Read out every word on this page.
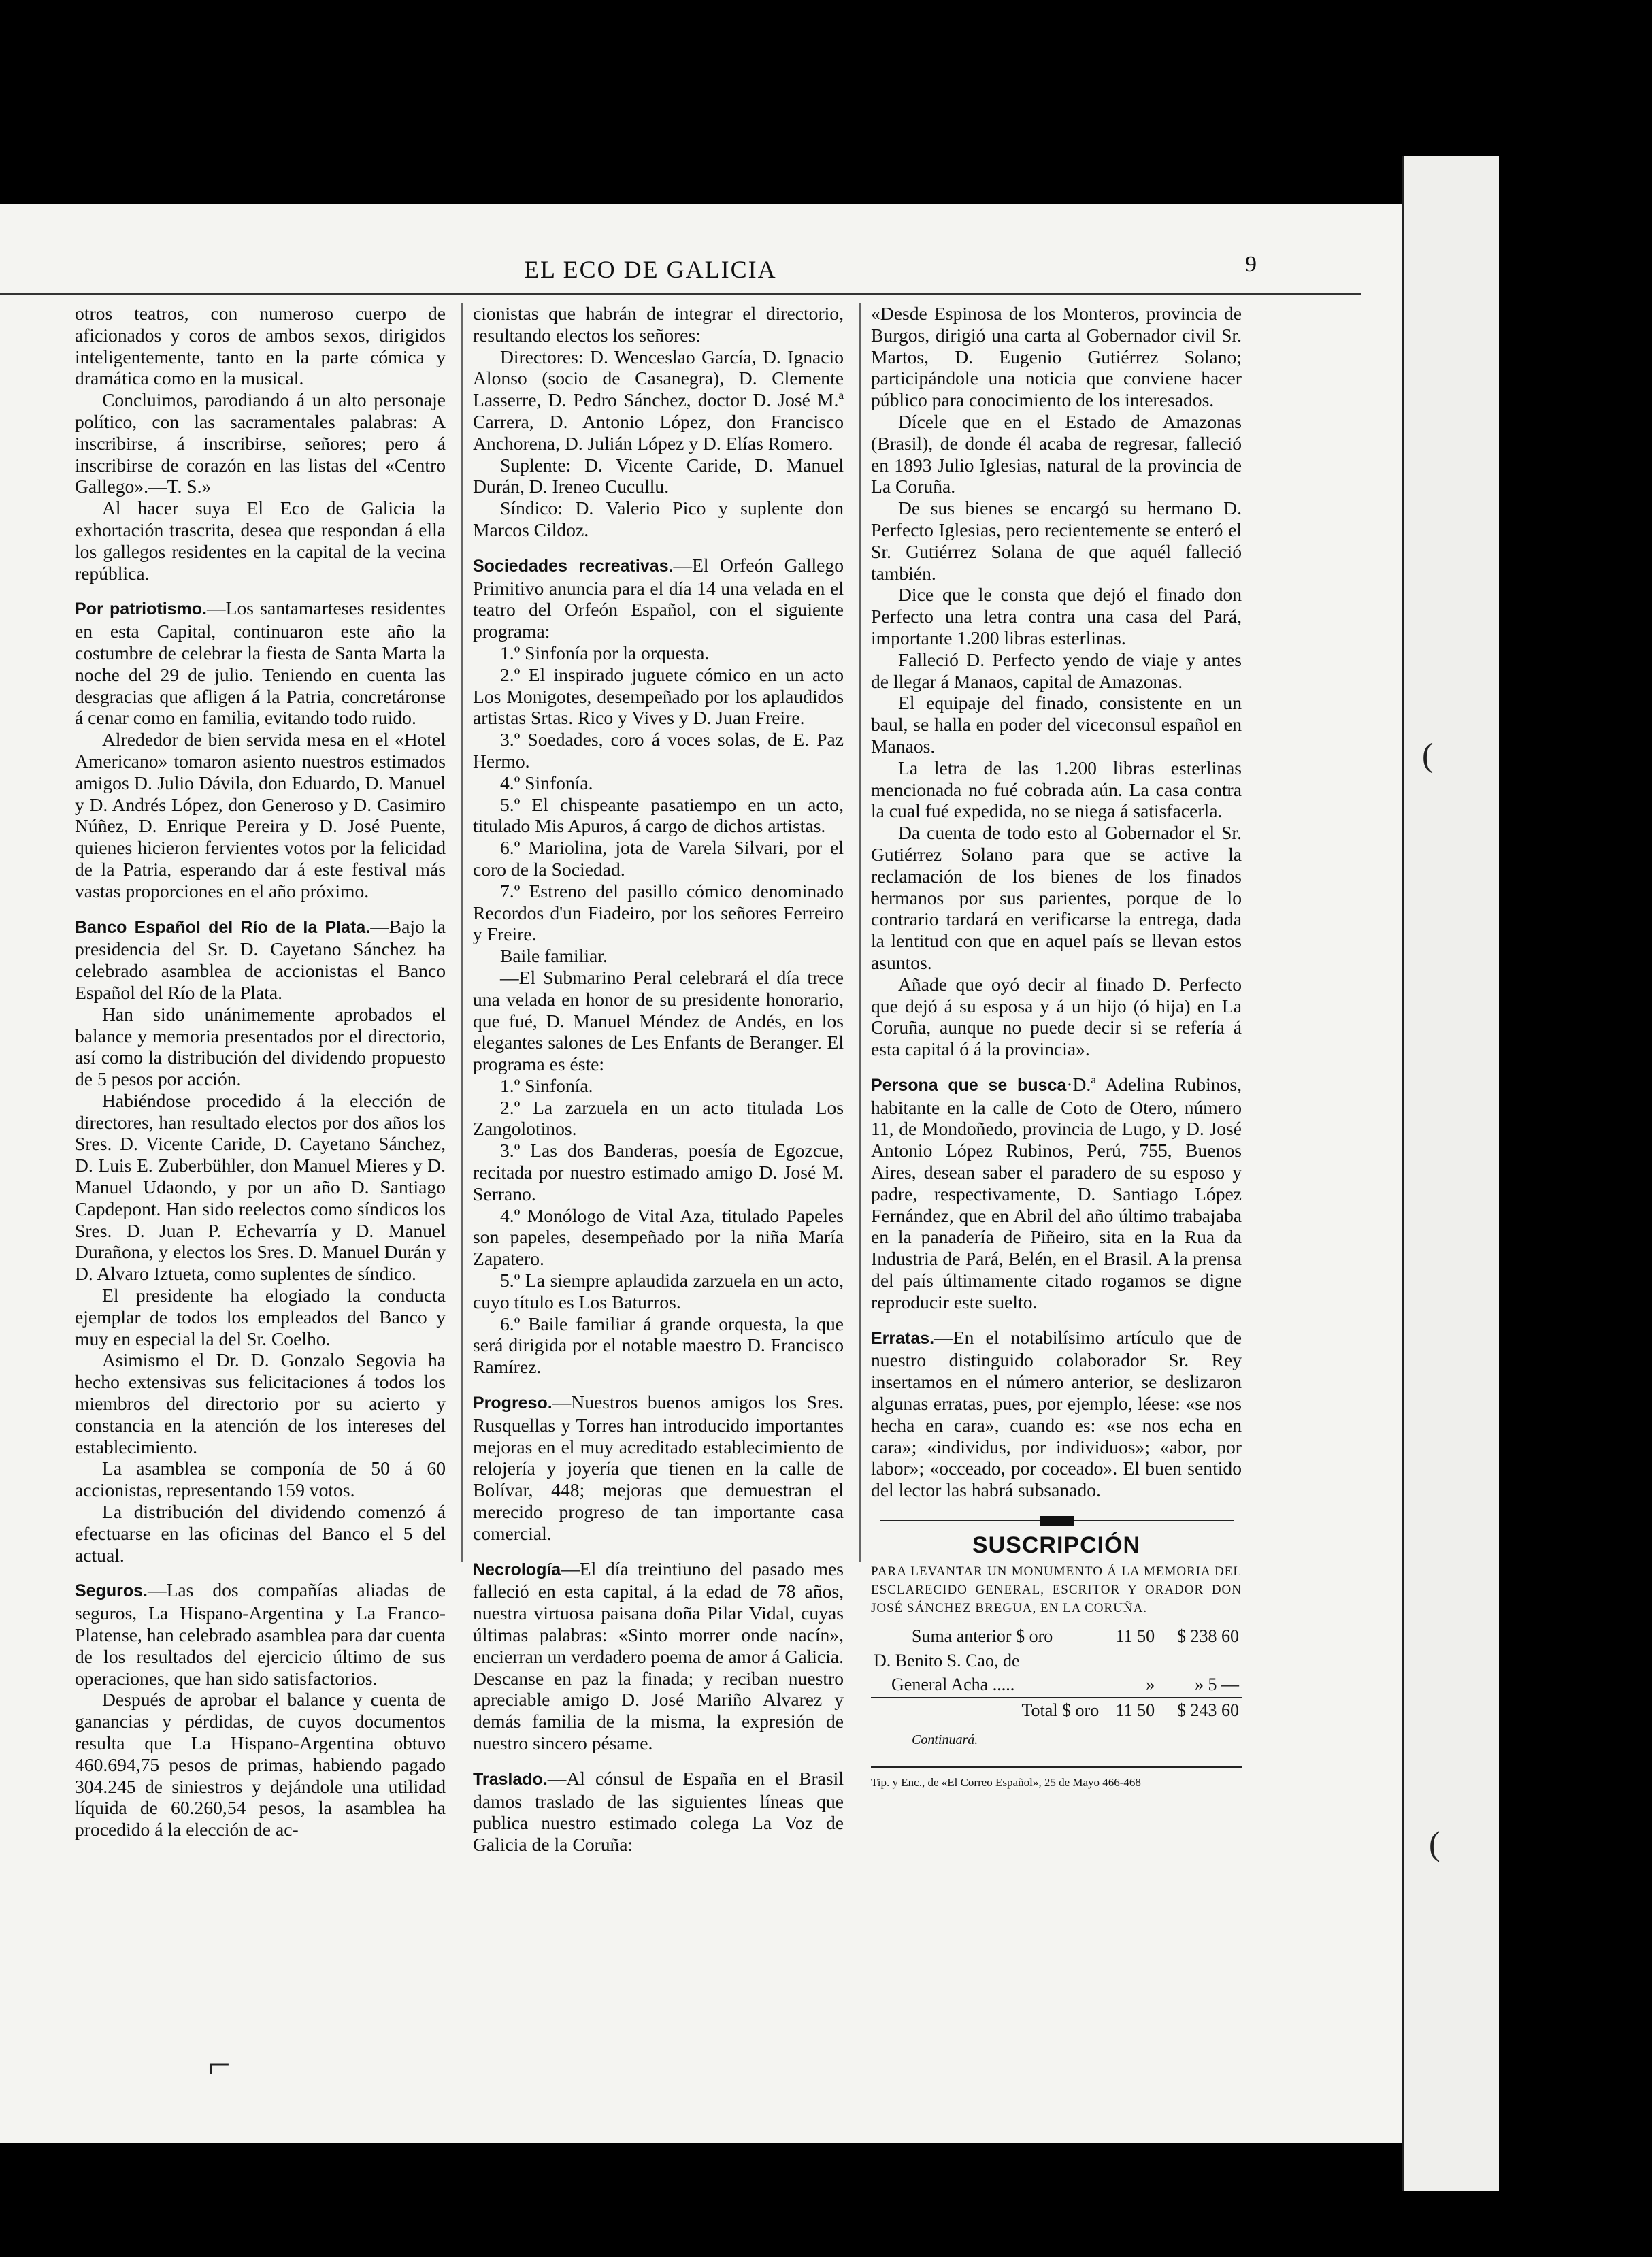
EL ECO DE GALICIA	9

otros teatros, con numeroso cuerpo de aficionados y coros de ambos sexos, dirigidos inteligentemente, tanto en la parte cómica y dramática como en la musical.

Concluimos, parodiando á un alto personaje político, con las sacramentales palabras: A inscribirse, á inscribirse, señores; pero á inscribirse de corazón en las listas del «Centro Gallego».—T. S.»

Al hacer suya El Eco de Galicia la exhortación trascrita, desea que respondan á ella los gallegos residentes en la capital de la vecina república.

Por patriotismo.—Los santamarteses residentes en esta Capital, continuaron este año la costumbre de celebrar la fiesta de Santa Marta la noche del 29 de julio. Teniendo en cuenta las desgracias que afligen á la Patria, concretáronse á cenar como en familia, evitando todo ruido.

Alrededor de bien servida mesa en el «Hotel Americano» tomaron asiento nuestros estimados amigos D. Julio Dávila, don Eduardo, D. Manuel y D. Andrés López, don Generoso y D. Casimiro Núñez, D. Enrique Pereira y D. José Puente, quienes hicieron fervientes votos por la felicidad de la Patria, esperando dar á este festival más vastas proporciones en el año próximo.

Banco Español del Río de la Plata.—Bajo la presidencia del Sr. D. Cayetano Sánchez ha celebrado asamblea de accionistas el Banco Español del Río de la Plata.

Han sido unánimemente aprobados el balance y memoria presentados por el directorio, así como la distribución del dividendo propuesto de 5 pesos por acción.

Habiéndose procedido á la elección de directores, han resultado electos por dos años los Sres. D. Vicente Caride, D. Cayetano Sánchez, D. Luis E. Zuberbühler, don Manuel Mieres y D. Manuel Udaondo, y por un año D. Santiago Capdepont. Han sido reelectos como síndicos los Sres. D. Juan P. Echevarría y D. Manuel Durañona, y electos los Sres. D. Manuel Durán y D. Alvaro Iztueta, como suplentes de síndico.

El presidente ha elogiado la conducta ejemplar de todos los empleados del Banco y muy en especial la del Sr. Coelho.

Asimismo el Dr. D. Gonzalo Segovia ha hecho extensivas sus felicitaciones á todos los miembros del directorio por su acierto y constancia en la atención de los intereses del establecimiento.

La asamblea se componía de 50 á 60 accionistas, representando 159 votos.

La distribución del dividendo comenzó á efectuarse en las oficinas del Banco el 5 del actual.

Seguros.—Las dos compañías aliadas de seguros, La Hispano-Argentina y La Franco-Platense, han celebrado asamblea para dar cuenta de los resultados del ejercicio último de sus operaciones, que han sido satisfactorios.

Después de aprobar el balance y cuenta de ganancias y pérdidas, de cuyos documentos resulta que La Hispano-Argentina obtuvo 460.694,75 pesos de primas, habiendo pagado 304.245 de siniestros y dejándole una utilidad líquida de 60.260,54 pesos, la asamblea ha procedido á la elección de ac-

cionistas que habrán de integrar el directorio, resultando electos los señores:

Directores: D. Wenceslao García, D. Ignacio Alonso (socio de Casanegra), D. Clemente Lasserre, D. Pedro Sánchez, doctor D. José M.ª Carrera, D. Antonio López, don Francisco Anchorena, D. Julián López y D. Elías Romero.

Suplente: D. Vicente Caride, D. Manuel Durán, D. Ireneo Cucullu.

Síndico: D. Valerio Pico y suplente don Marcos Cildoz.

Sociedades recreativas.—El Orfeón Gallego Primitivo anuncia para el día 14 una velada en el teatro del Orfeón Español, con el siguiente programa:

1.º Sinfonía por la orquesta.

2.º El inspirado juguete cómico en un acto Los Monigotes, desempeñado por los aplaudidos artistas Srtas. Rico y Vives y D. Juan Freire.

3.º Soedades, coro á voces solas, de E. Paz Hermo.

4.º Sinfonía.

5.º El chispeante pasatiempo en un acto, titulado Mis Apuros, á cargo de dichos artistas.

6.º Mariolina, jota de Varela Silvari, por el coro de la Sociedad.

7.º Estreno del pasillo cómico denominado Recordos d'un Fiadeiro, por los señores Ferreiro y Freire.

Baile familiar.

—El Submarino Peral celebrará el día trece una velada en honor de su presidente honorario, que fué, D. Manuel Méndez de Andés, en los elegantes salones de Les Enfants de Beranger. El programa es éste:

1.º Sinfonía.

2.º La zarzuela en un acto titulada Los Zangolotinos.

3.º Las dos Banderas, poesía de Egozcue, recitada por nuestro estimado amigo D. José M. Serrano.

4.º Monólogo de Vital Aza, titulado Papeles son papeles, desempeñado por la niña María Zapatero.

5.º La siempre aplaudida zarzuela en un acto, cuyo título es Los Baturros.

6.º Baile familiar á grande orquesta, la que será dirigida por el notable maestro D. Francisco Ramírez.

Progreso.—Nuestros buenos amigos los Sres. Rusquellas y Torres han introducido importantes mejoras en el muy acreditado establecimiento de relojería y joyería que tienen en la calle de Bolívar, 448; mejoras que demuestran el merecido progreso de tan importante casa comercial.

Necrología—El día treintiuno del pasado mes falleció en esta capital, á la edad de 78 años, nuestra virtuosa paisana doña Pilar Vidal, cuyas últimas palabras: «Sinto morrer onde nacín», encierran un verdadero poema de amor á Galicia. Descanse en paz la finada; y reciban nuestro apreciable amigo D. José Mariño Alvarez y demás familia de la misma, la expresión de nuestro sincero pésame.

Traslado.—Al cónsul de España en el Brasil damos traslado de las siguientes líneas que publica nuestro estimado colega La Voz de Galicia de la Coruña:

«Desde Espinosa de los Monteros, provincia de Burgos, dirigió una carta al Gobernador civil Sr. Martos, D. Eugenio Gutiérrez Solano; participándole una noticia que conviene hacer público para conocimiento de los interesados.

Dícele que en el Estado de Amazonas (Brasil), de donde él acaba de regresar, falleció en 1893 Julio Iglesias, natural de la provincia de La Coruña.

De sus bienes se encargó su hermano D. Perfecto Iglesias, pero recientemente se enteró el Sr. Gutiérrez Solana de que aquél falleció también.

Dice que le consta que dejó el finado don Perfecto una letra contra una casa del Pará, importante 1.200 libras esterlinas.

Falleció D. Perfecto yendo de viaje y antes de llegar á Manaos, capital de Amazonas.

El equipaje del finado, consistente en un baul, se halla en poder del viceconsul español en Manaos.

La letra de las 1.200 libras esterlinas mencionada no fué cobrada aún. La casa contra la cual fué expedida, no se niega á satisfacerla.

Da cuenta de todo esto al Gobernador el Sr. Gutiérrez Solano para que se active la reclamación de los bienes de los finados hermanos por sus parientes, porque de lo contrario tardará en verificarse la entrega, dada la lentitud con que en aquel país se llevan estos asuntos.

Añade que oyó decir al finado D. Perfecto que dejó á su esposa y á un hijo (ó hija) en La Coruña, aunque no puede decir si se refería á esta capital ó á la provincia».

Persona que se busca·D.ª Adelina Rubinos, habitante en la calle de Coto de Otero, número 11, de Mondoñedo, provincia de Lugo, y D. José Antonio López Rubinos, Perú, 755, Buenos Aires, desean saber el paradero de su esposo y padre, respectivamente, D. Santiago López Fernández, que en Abril del año último trabajaba en la panadería de Piñeiro, sita en la Rua da Industria de Pará, Belén, en el Brasil. A la prensa del país últimamente citado rogamos se digne reproducir este suelto.

Erratas.—En el notabilísimo artículo que de nuestro distinguido colaborador Sr. Rey insertamos en el número anterior, se deslizaron algunas erratas, pues, por ejemplo, léese: «se nos hecha en cara», cuando es: «se nos echa en cara»; «individus, por individuos»; «abor, por labor»; «occeado, por coceado». El buen sentido del lector las habrá subsanado.

SUSCRIPCIÓN
PARA LEVANTAR UN MONUMENTO Á LA MEMORIA DEL ESCLARECIDO GENERAL, ESCRITOR Y ORADOR DON JOSÉ SÁNCHEZ BREGUA, EN LA CORUÑA.
Suma anterior $ oro	11 50	$ 238 60
D. Benito S. Cao, de		
General Acha .....	»	» 5 —
Total $ oro	11 50	$ 243 60
Continuará.
Tip. y Enc., de «El Correo Español», 25 de Mayo 466-468
(
(
⌐
